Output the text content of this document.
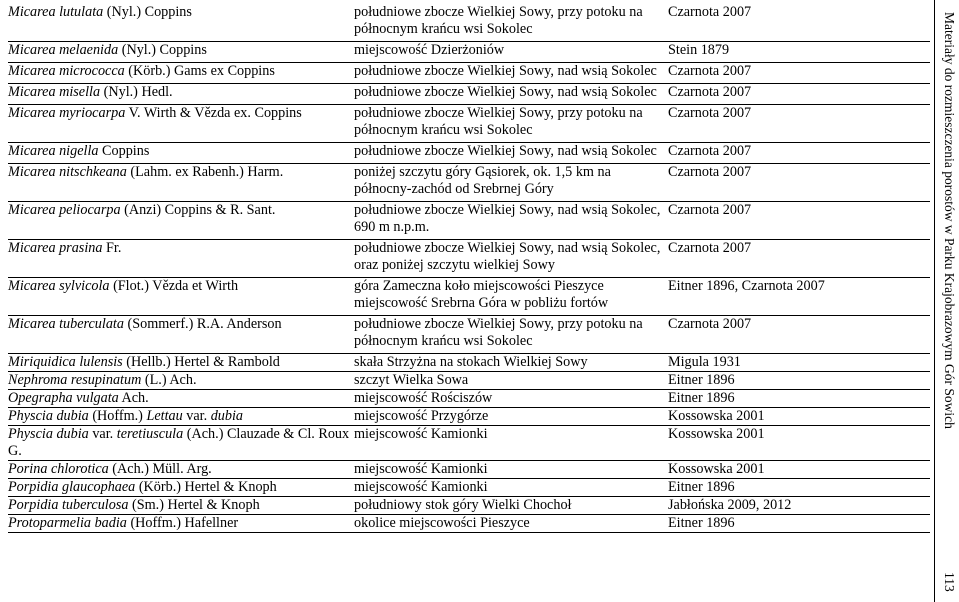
Micarea lutulata (Nyl.) Coppins	południowe zbocze Wielkiej Sowy, przy potoku na północnym krańcu wsi Sokolec	Czarnota 2007
Micarea melaenida (Nyl.) Coppins	miejscowość Dzierżoniów	Stein 1879
Micarea micrococca (Körb.) Gams ex Coppins	południowe zbocze Wielkiej Sowy, nad wsią Sokolec	Czarnota 2007
Micarea misella (Nyl.) Hedl.	południowe zbocze Wielkiej Sowy, nad wsią Sokolec	Czarnota 2007
Micarea myriocarpa V. Wirth & Vězda ex. Coppins	południowe zbocze Wielkiej Sowy, przy potoku na północnym krańcu wsi Sokolec	Czarnota 2007
Micarea nigella Coppins	południowe zbocze Wielkiej Sowy, nad wsią Sokolec	Czarnota 2007
Micarea nitschkeana (Lahm. ex Rabenh.) Harm.	poniżej szczytu góry Gąsiorek, ok. 1,5 km na północny-zachód od Srebrnej Góry	Czarnota 2007
Micarea peliocarpa (Anzi) Coppins & R. Sant.	południowe zbocze Wielkiej Sowy, nad wsią Sokolec, 690 m n.p.m.	Czarnota 2007
Micarea prasina Fr.	południowe zbocze Wielkiej Sowy, nad wsią Sokolec, oraz poniżej szczytu wielkiej Sowy	Czarnota 2007
Micarea sylvicola (Flot.) Vězda et Wirth	góra Zameczna koło miejscowości Pieszyce miejscowość Srebrna Góra w pobliżu fortów	Eitner 1896, Czarnota 2007
Micarea tuberculata (Sommerf.) R.A. Anderson	południowe zbocze Wielkiej Sowy, przy potoku na północnym krańcu wsi Sokolec	Czarnota 2007
Miriquidica lulensis (Hellb.) Hertel & Rambold	skała Strzyżna na stokach Wielkiej Sowy	Migula 1931
Nephroma resupinatum (L.) Ach.	szczyt Wielka Sowa	Eitner 1896
Opegrapha vulgata Ach.	miejscowość Rościszów	Eitner 1896
Physcia dubia (Hoffm.) Lettau var. dubia	miejscowość Przygórze	Kossowska 2001
Physcia dubia var. teretiuscula (Ach.) Clauzade & Cl. Roux G.	miejscowość Kamionki	Kossowska 2001
Porina chlorotica (Ach.) Müll. Arg.	miejscowość Kamionki	Kossowska 2001
Porpidia glaucophaea (Körb.) Hertel & Knoph	miejscowość Kamionki	Eitner 1896
Porpidia tuberculosa (Sm.) Hertel & Knoph	południowy stok góry Wielki Chochoł	Jabłońska 2009, 2012
Protoparmelia badia (Hoffm.) Hafellner	okolice miejscowości Pieszyce	Eitner 1896
Materiały do rozmieszczenia porostów w Parku Krajobrazowym Gór Sowich
113
